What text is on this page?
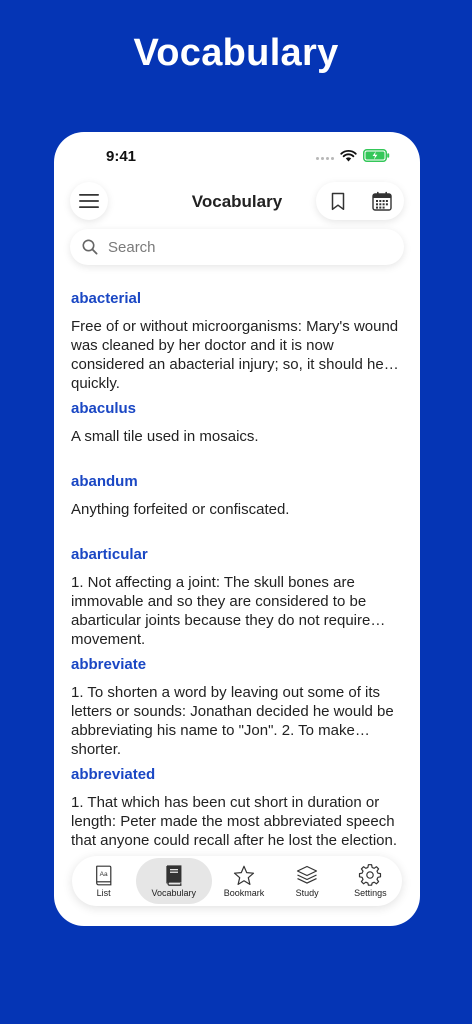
Vocabulary
9:41
Vocabulary
Search
abacterial
Free of or without microorganisms: Mary's wound was cleaned by her doctor and it is now considered an abacterial injury; so, it should heal quickly.
abaculus
A small tile used in mosaics.
abandum
Anything forfeited or confiscated.
abarticular
1. Not affecting a joint: The skull bones are immovable and so they are considered to be abarticular joints because they do not require movement.
abbreviate
1. To shorten a word by leaving out some of its letters or sounds: Jonathan decided he would be abbreviating his name to "Jon". 2. To make shorter.
abbreviated
1. That which has been cut short in duration or length: Peter made the most abbreviated speech that anyone could recall after he lost the election.
Aa
List	Vocabulary	Bookmark	Study	Settings
